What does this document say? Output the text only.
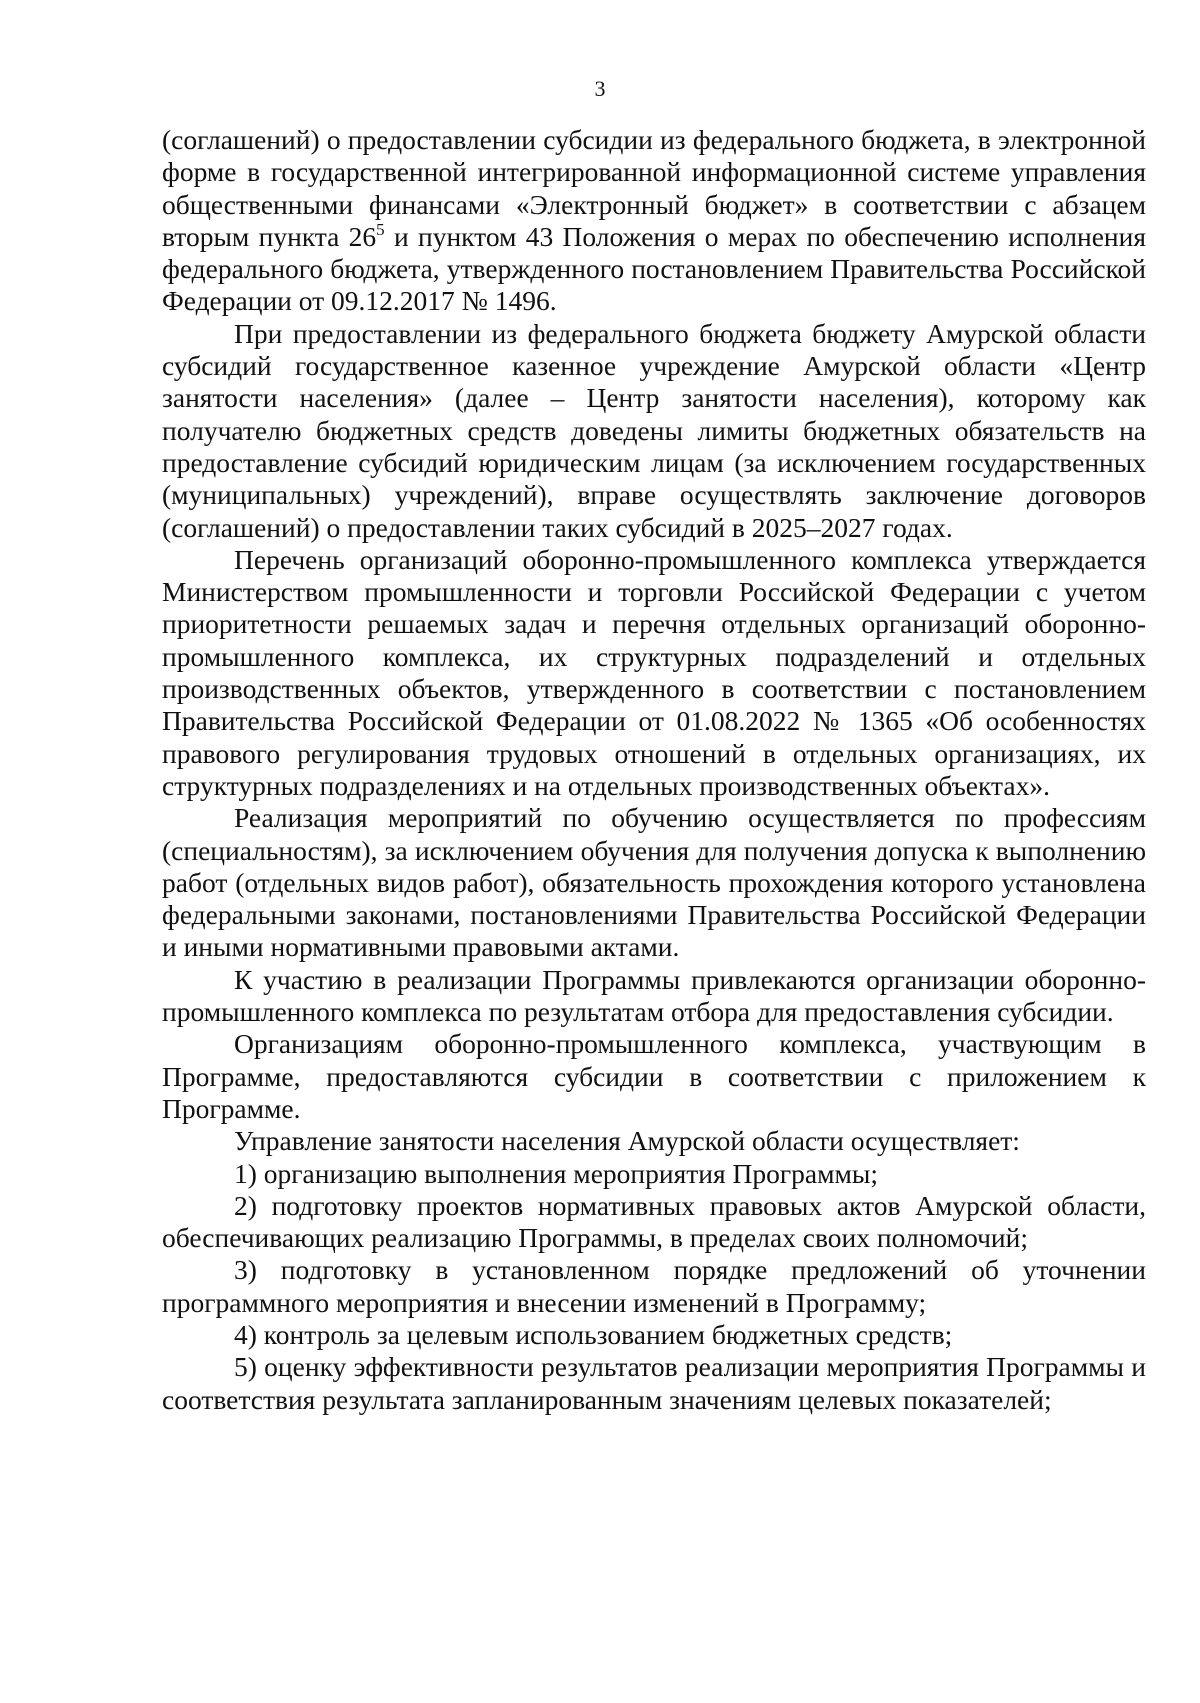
3

(соглашений) о предоставлении субсидии из федерального бюджета, в электронной форме в государственной интегрированной информационной системе управления общественными финансами «Электронный бюджет» в соответствии с абзацем вторым пункта $26^5$ и пунктом 43 Положения о мерах по обеспечению исполнения федерального бюджета, утвержденного постановлением Правительства Российской Федерации от 09.12.2017 № 1496.

При предоставлении из федерального бюджета бюджету Амурской области субсидий государственное казенное учреждение Амурской области «Центр занятости населения» (далее – Центр занятости населения), которому как получателю бюджетных средств доведены лимиты бюджетных обязательств на предоставление субсидий юридическим лицам (за исключением государственных (муниципальных) учреждений), вправе осуществлять заключение договоров (соглашений) о предоставлении таких субсидий в 2025–2027 годах.

Перечень организаций оборонно-промышленного комплекса утверждается Министерством промышленности и торговли Российской Федерации с учетом приоритетности решаемых задач и перечня отдельных организаций оборонно-промышленного комплекса, их структурных подразделений и отдельных производственных объектов, утвержденного в соответствии с постановлением Правительства Российской Федерации от 01.08.2022 № 1365 «Об особенностях правового регулирования трудовых отношений в отдельных организациях, их структурных подразделениях и на отдельных производственных объектах».

Реализация мероприятий по обучению осуществляется по профессиям (специальностям), за исключением обучения для получения допуска к выполнению работ (отдельных видов работ), обязательность прохождения которого установлена федеральными законами, постановлениями Правительства Российской Федерации и иными нормативными правовыми актами.

К участию в реализации Программы привлекаются организации оборонно-промышленного комплекса по результатам отбора для предоставления субсидии.

Организациям оборонно-промышленного комплекса, участвующим в Программе, предоставляются субсидии в соответствии с приложением к Программе.

Управление занятости населения Амурской области осуществляет:

1) организацию выполнения мероприятия Программы;

2) подготовку проектов нормативных правовых актов Амурской области, обеспечивающих реализацию Программы, в пределах своих полномочий;

3) подготовку в установленном порядке предложений об уточнении программного мероприятия и внесении изменений в Программу;

4) контроль за целевым использованием бюджетных средств;

5) оценку эффективности результатов реализации мероприятия Программы и соответствия результата запланированным значениям целевых показателей;
